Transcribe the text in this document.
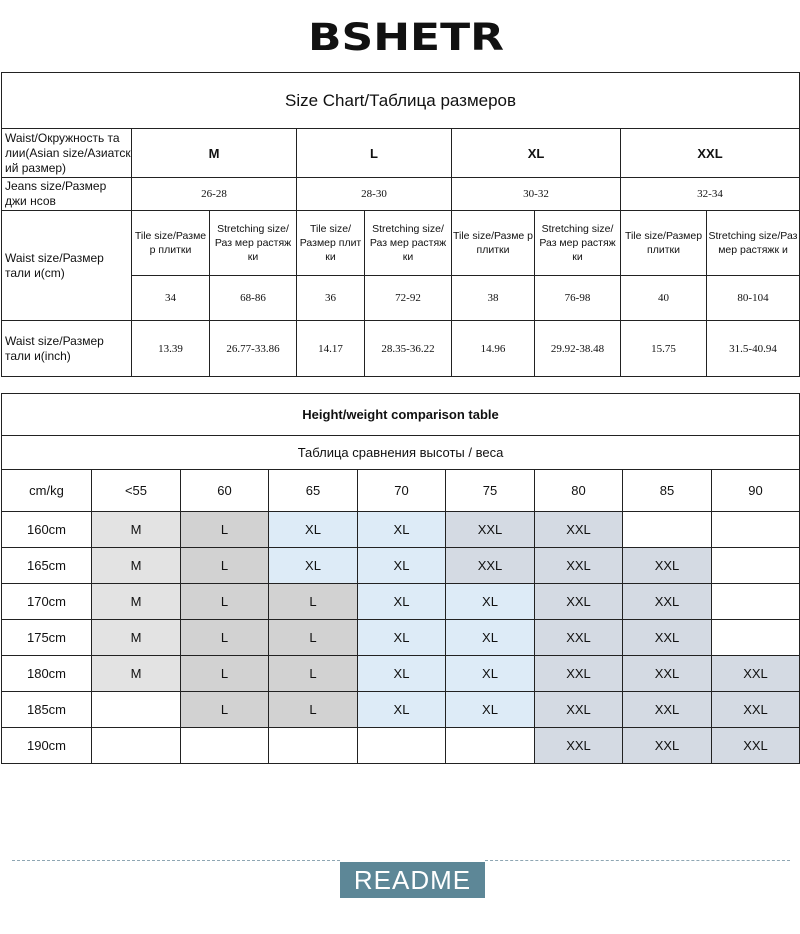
BSHETR
Size Chart/Таблица размеров								
Waist/Окружность та лии(Asian size/Азиатск ий размер)	M		L		XL		XXL	
Jeans size/Размер джи нсов	26-28		28-30		30-32		32-34	
Waist size/Размер тали и(cm)	Tile size/Разме р плитки	Stretching size/Раз мер растяж ки	Tile size/Размер плит ки	Stretching size/Раз мер растяж ки	Tile size/Разме р плитки	Stretching size/Раз мер растяж ки	Tile size/Размер плитки	Stretching size/Раз мер растяжк и
	34	68-86	36	72-92	38	76-98	40	80-104
Waist size/Размер тали и(inch)	13.39	26.77-33.86	14.17	28.35-36.22	14.96	29.92-38.48	15.75	31.5-40.94
Height/weight comparison table								
Таблица сравнения высоты / веса								
cm/kg	<55	60	65	70	75	80	85	90
160cm	M	L	XL	XL	XXL	XXL		
165cm	M	L	XL	XL	XXL	XXL	XXL	
170cm	M	L	L	XL	XL	XXL	XXL	
175cm	M	L	L	XL	XL	XXL	XXL	
180cm	M	L	L	XL	XL	XXL	XXL	XXL
185cm		L	L	XL	XL	XXL	XXL	XXL
190cm						XXL	XXL	XXL
README
